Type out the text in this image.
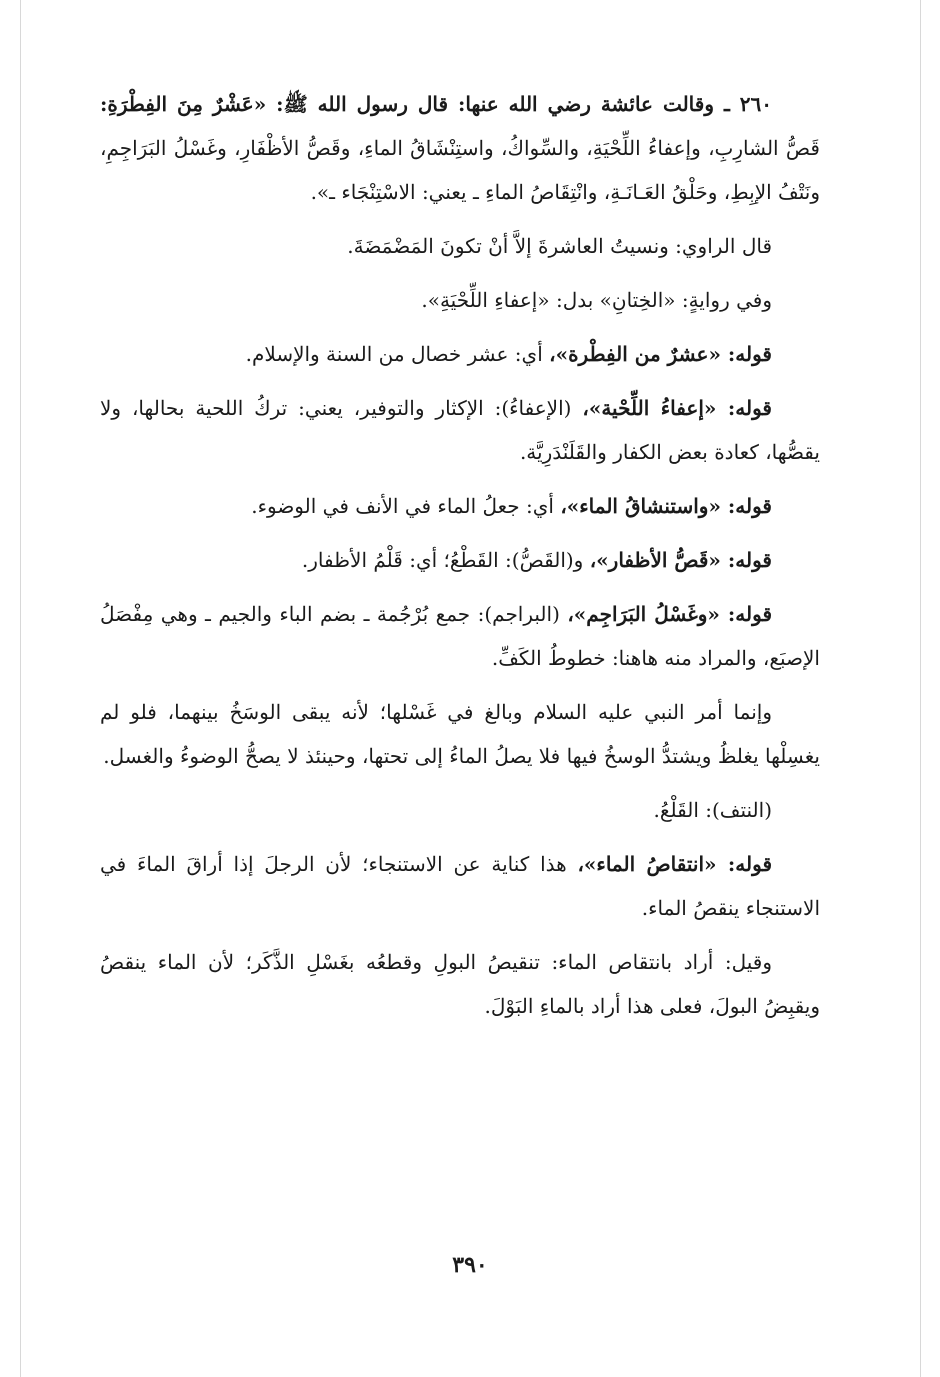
٢٦٠ ـ وقالت عائشة رضي الله عنها: قال رسول الله ﷺ: «عَشْرٌ مِنَ الفِطْرَةِ: قَصُّ الشارِبِ، وإعفاءُ اللِّحْيَةِ، والسِّواكُ، واستِنْشَاقُ الماءِ، وقَصُّ الأظْفَارِ، وغَسْلُ البَرَاجِمِ، ونَتْفُ الإبِطِ، وحَلْقُ العَـانَـةِ، وانْتِقَاصُ الماءِ ـ يعني: الاسْتِنْجَاء ـ».

قال الراوي: ونسيتُ العاشرةَ إلاَّ أنْ تكونَ المَضْمَضَةَ.

وفي روايةٍ: «الخِتانِ» بدل: «إعفاءِ اللِّحْيَةِ».

قوله: «عشرٌ من الفِطْرة»، أي: عشر خصال من السنة والإسلام.

قوله: «إعفاءُ اللِّحْية»، (الإعفاءُ): الإكثار والتوفير، يعني: تركُ اللحية بحالها، ولا يقصُّها، كعادة بعض الكفار والقَلَنْدَرِيَّة.

قوله: «واستنشاقُ الماء»، أي: جعلُ الماء في الأنف في الوضوء.

قوله: «قَصُّ الأظفار»، و(القَصُّ): القَطْعُ؛ أي: قَلْمُ الأظفار.

قوله: «وغَسْلُ البَرَاجِم»، (البراجم): جمع بُرْجُمة ـ بضم الباء والجيم ـ وهي مِفْصَلُ الإصبَع، والمراد منه هاهنا: خطوطُ الكَفِّ.

وإنما أمر النبي عليه السلام وبالغ في غَسْلها؛ لأنه يبقى الوسَخُ بينهما، فلو لم يغسِلْها يغلظُ ويشتدُّ الوسخُ فيها فلا يصلُ الماءُ إلى تحتها، وحينئذ لا يصحُّ الوضوءُ والغسل.

(النتف): القَلْعُ.

قوله: «انتقاصُ الماء»، هذا كناية عن الاستنجاء؛ لأن الرجلَ إذا أراقَ الماءَ في الاستنجاء ينقصُ الماء.

وقيل: أراد بانتقاص الماء: تنقيصُ البولِ وقطعُه بغَسْلِ الذَّكَر؛ لأن الماء ينقصُ ويقبِضُ البولَ، فعلى هذا أراد بالماءِ البَوْلَ.

٣٩٠
